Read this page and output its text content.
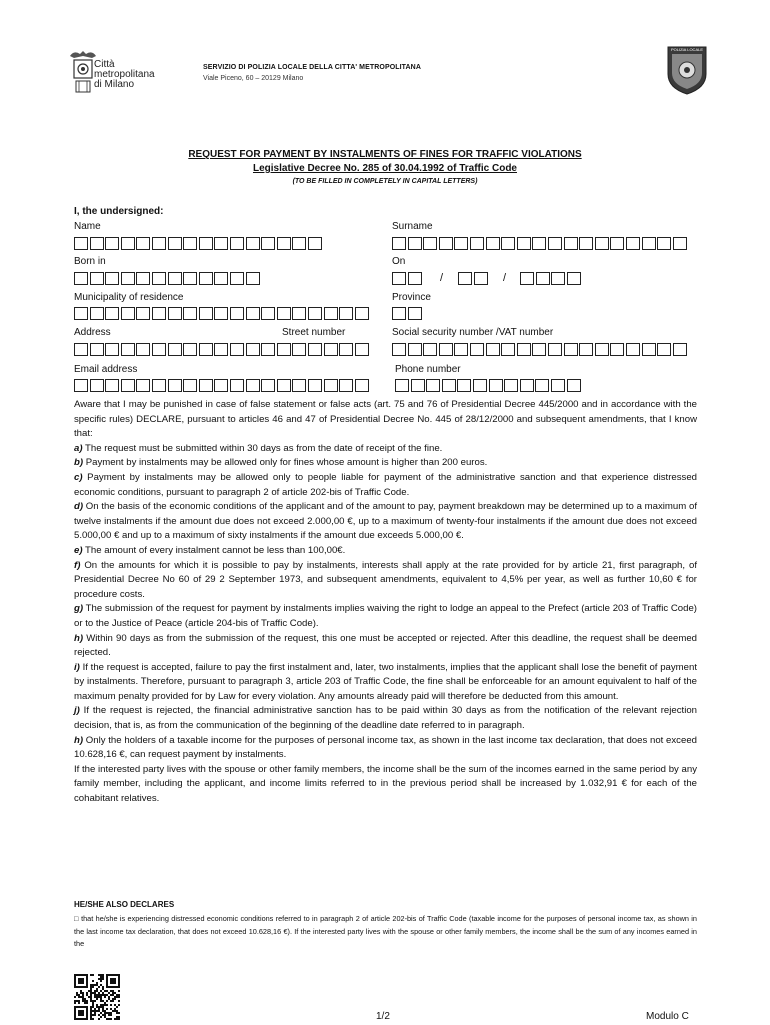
Città
metropolitana
di Milano
SERVIZIO DI POLIZIA LOCALE DELLA CITTA' METROPOLITANA
Viale Piceno, 60 – 20129 Milano
POLIZIA LOCALE
REQUEST FOR PAYMENT BY INSTALMENTS OF FINES FOR TRAFFIC VIOLATIONS
Legislative Decree No. 285 of 30.04.1992 of Traffic Code
(TO BE FILLED IN COMPLETELY IN CAPITAL LETTERS)
I, the undersigned:
Name	Surname
Born in	On
/	/
Municipality of residence	Province
Address	Street number	Social security number /VAT number
Email address	Phone number

Aware that I may be punished in case of false statement or false acts (art. 75 and 76 of Presidential Decree 445/2000 and in accordance with the specific rules) DECLARE, pursuant to articles 46 and 47 of Presidential Decree No. 445 of 28/12/2000 and subsequent amendments, that I know that:

a) The request must be submitted within 30 days as from the date of receipt of the fine.

b) Payment by instalments may be allowed only for fines whose amount is higher than 200 euros.

c) Payment by instalments may be allowed only to people liable for payment of the administrative sanction and that experience distressed economic conditions, pursuant to paragraph 2 of article 202-bis of Traffic Code.

d) On the basis of the economic conditions of the applicant and of the amount to pay, payment breakdown may be determined up to a maximum of twelve instalments if the amount due does not exceed 2.000,00 €, up to a maximum of twenty-four instalments if the amount due does not exceed 5.000,00 € and up to a maximum of sixty instalments if the amount due exceeds 5.000,00 €.

e) The amount of every instalment cannot be less than 100,00€.

f) On the amounts for which it is possible to pay by instalments, interests shall apply at the rate provided for by article 21, first paragraph, of Presidential Decree No 60 of 29 2 September 1973, and subsequent amendments, equivalent to 4,5% per year, as well as further 10,60 € for procedure costs.

g) The submission of the request for payment by instalments implies waiving the right to lodge an appeal to the Prefect (article 203 of Traffic Code) or to the Justice of Peace (article 204-bis of Traffic Code).

h) Within 90 days as from the submission of the request, this one must be accepted or rejected. After this deadline, the request shall be deemed rejected.

i) If the request is accepted, failure to pay the first instalment and, later, two instalments, implies that the applicant shall lose the benefit of payment by instalments. Therefore, pursuant to paragraph 3, article 203 of Traffic Code, the fine shall be enforceable for an amount equivalent to half of the maximum penalty provided for by Law for every violation. Any amounts already paid will therefore be deducted from this amount.

j) If the request is rejected, the financial administrative sanction has to be paid within 30 days as from the notification of the relevant rejection decision, that is, as from the communication of the beginning of the deadline date referred to in paragraph.

h) Only the holders of a taxable income for the purposes of personal income tax, as shown in the last income tax declaration, that does not exceed 10.628,16 €, can request payment by instalments.

If the interested party lives with the spouse or other family members, the income shall be the sum of the incomes earned in the same period by any family member, including the applicant, and income limits referred to in the previous period shall be increased by 1.032,91 € for each of the cohabitant relatives.

HE/SHE ALSO DECLARES
□ that he/she is experiencing distressed economic conditions referred to in paragraph 2 of article 202-bis of Traffic Code (taxable income for the purposes of personal income tax, as shown in the last income tax declaration, that does not exceed 10.628,16 €). If the interested party lives with the spouse or other family members, the income shall be the sum of any incomes earned in the
1/2	Modulo C
